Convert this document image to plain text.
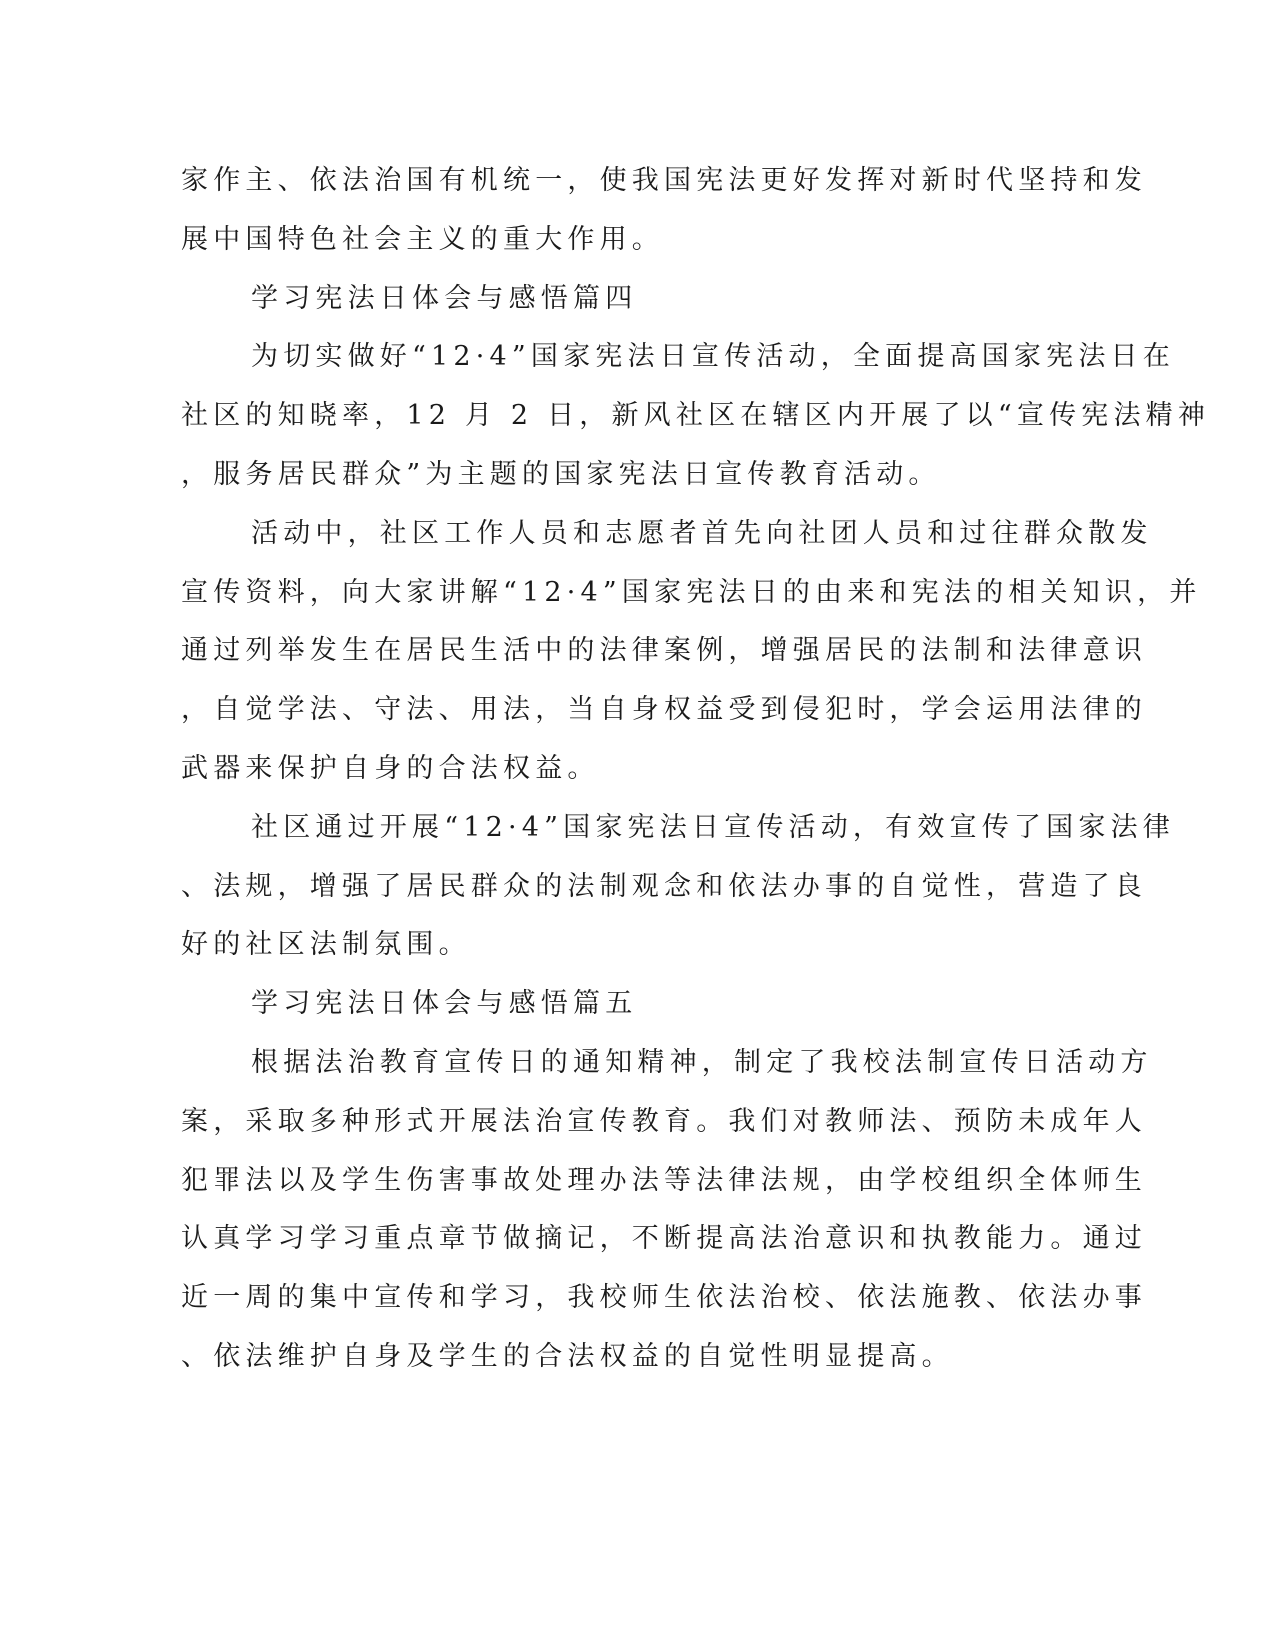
家作主、依法治国有机统一，使我国宪法更好发挥对新时代坚持和发
展中国特色社会主义的重大作用。
学习宪法日体会与感悟篇四
为切实做好“12·4”国家宪法日宣传活动，全面提高国家宪法日在
社区的知晓率，12 月 2 日，新风社区在辖区内开展了以“宣传宪法精神
，服务居民群众”为主题的国家宪法日宣传教育活动。
活动中，社区工作人员和志愿者首先向社团人员和过往群众散发
宣传资料，向大家讲解“12·4”国家宪法日的由来和宪法的相关知识，并
通过列举发生在居民生活中的法律案例，增强居民的法制和法律意识
，自觉学法、守法、用法，当自身权益受到侵犯时，学会运用法律的
武器来保护自身的合法权益。
社区通过开展“12·4”国家宪法日宣传活动，有效宣传了国家法律
、法规，增强了居民群众的法制观念和依法办事的自觉性，营造了良
好的社区法制氛围。
学习宪法日体会与感悟篇五
根据法治教育宣传日的通知精神，制定了我校法制宣传日活动方
案，采取多种形式开展法治宣传教育。我们对教师法、预防未成年人
犯罪法以及学生伤害事故处理办法等法律法规，由学校组织全体师生
认真学习学习重点章节做摘记，不断提高法治意识和执教能力。通过
近一周的集中宣传和学习，我校师生依法治校、依法施教、依法办事
、依法维护自身及学生的合法权益的自觉性明显提高。
